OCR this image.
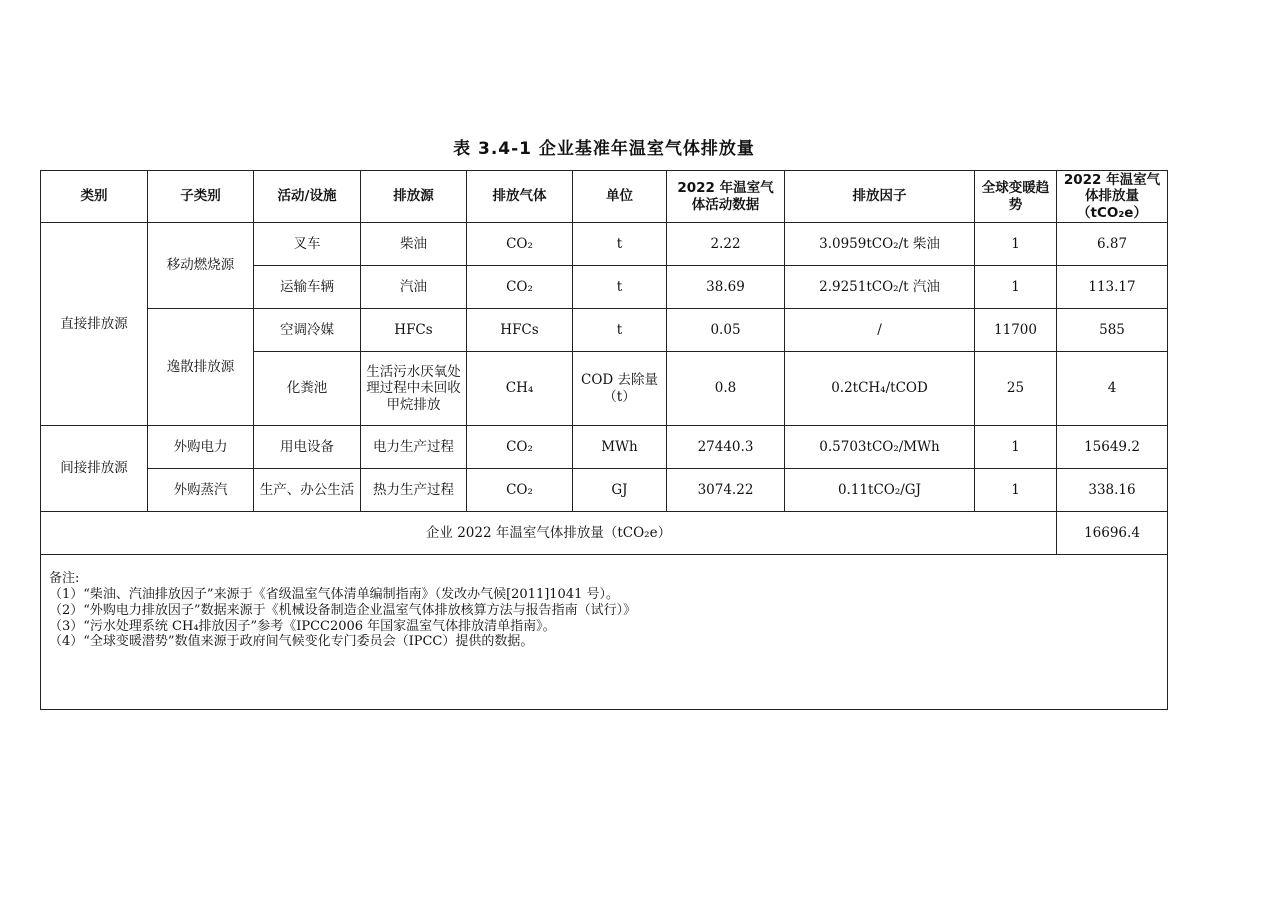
表 3.4-1 企业基准年温室气体排放量
类别	子类别	活动/设施	排放源	排放气体	单位	2022 年温室气体活动数据	排放因子	全球变暖趋势	2022 年温室气体排放量（tCO₂e）
直接排放源	移动燃烧源	叉车	柴油	CO₂	t	2.22	3.0959tCO₂/t 柴油	1	6.87
		运输车辆	汽油	CO₂	t	38.69	2.9251tCO₂/t 汽油	1	113.17
	逸散排放源	空调冷媒	HFCs	HFCs	t	0.05	/	11700	585
		化粪池	生活污水厌氧处理过程中未回收甲烷排放	CH₄	COD 去除量（t）	0.8	0.2tCH₄/tCOD	25	4
间接排放源	外购电力	用电设备	电力生产过程	CO₂	MWh	27440.3	0.5703tCO₂/MWh	1	15649.2
	外购蒸汽	生产、办公生活	热力生产过程	CO₂	GJ	3074.22	0.11tCO₂/GJ	1	338.16
企业 2022 年温室气体排放量（tCO₂e）									16696.4

备注:
（1）“柴油、汽油排放因子”来源于《省级温室气体清单编制指南》（发改办气候[2011]1041 号）。
（2）“外购电力排放因子”数据来源于《机械设备制造企业温室气体排放核算方法与报告指南（试行）》
（3）“污水处理系统 CH₄排放因子”参考《IPCC2006 年国家温室气体排放清单指南》。
（4）“全球变暖潜势”数值来源于政府间气候变化专门委员会（IPCC）提供的数据。									
